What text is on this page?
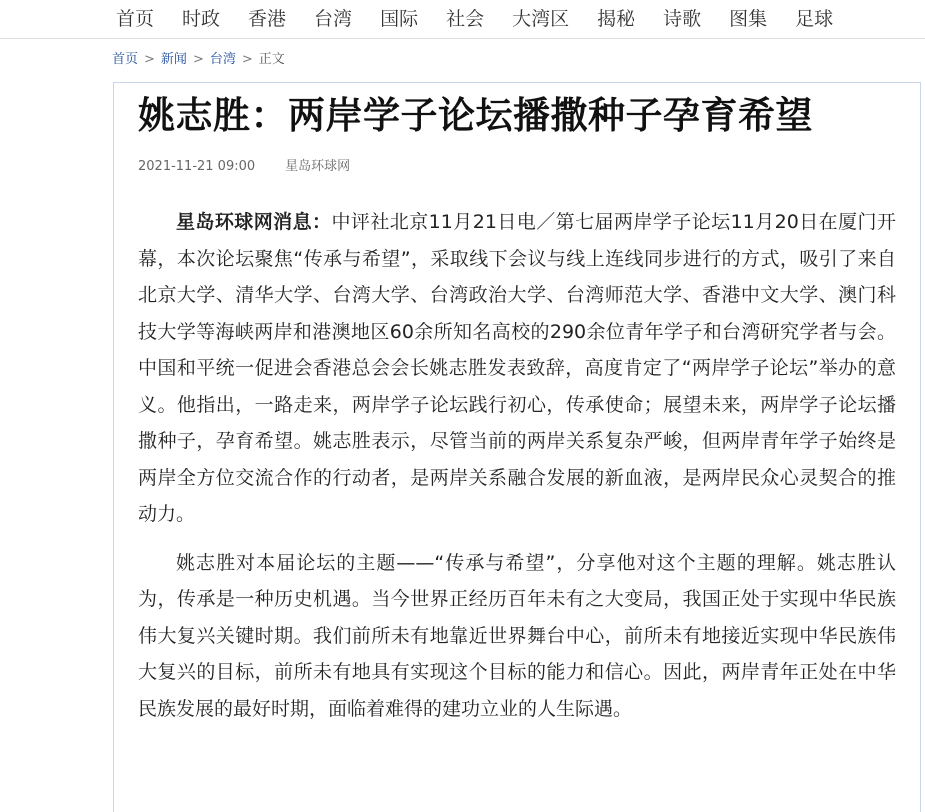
首页 时政 香港 台湾 国际 社会 大湾区 揭秘 诗歌 图集 足球
首页 > 新闻 > 台湾 > 正文
姚志胜：两岸学子论坛播撒种子孕育希望
2021-11-21 09:00 星岛环球网

星岛环球网消息：中评社北京11月21日电／第七届两岸学子论坛11月20日在厦门开幕，本次论坛聚焦“传承与希望”，采取线下会议与线上连线同步进行的方式，吸引了来自北京大学、清华大学、台湾大学、台湾政治大学、台湾师范大学、香港中文大学、澳门科技大学等海峡两岸和港澳地区60余所知名高校的290余位青年学子和台湾研究学者与会。中国和平统一促进会香港总会会长姚志胜发表致辞，高度肯定了“两岸学子论坛”举办的意义。他指出，一路走来，两岸学子论坛践行初心，传承使命；展望未来，两岸学子论坛播撒种子，孕育希望。姚志胜表示，尽管当前的两岸关系复杂严峻，但两岸青年学子始终是两岸全方位交流合作的行动者，是两岸关系融合发展的新血液，是两岸民众心灵契合的推动力。

姚志胜对本届论坛的主题——“传承与希望”，分享他对这个主题的理解。姚志胜认为，传承是一种历史机遇。当今世界正经历百年未有之大变局，我国正处于实现中华民族伟大复兴关键时期。我们前所未有地靠近世界舞台中心，前所未有地接近实现中华民族伟大复兴的目标，前所未有地具有实现这个目标的能力和信心。因此，两岸青年正处在中华民族发展的最好时期，面临着难得的建功立业的人生际遇。
